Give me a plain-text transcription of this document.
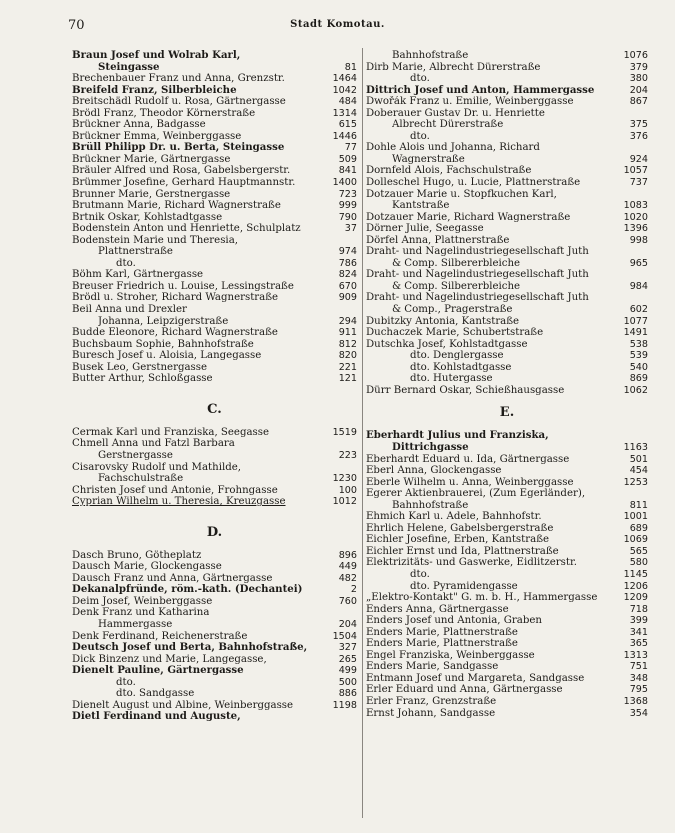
70	Stadt Komotau.
Braun Josef und Wolrab Karl,
Steingasse	81
Brechenbauer Franz und Anna, Grenzstr.	1464
Breifeld Franz, Silberbleiche	1042
Breitschädl Rudolf u. Rosa, Gärtnergasse	484
Brödl Franz, Theodor Körnerstraße	1314
Brückner Anna, Badgasse	615
Brückner Emma, Weinberggasse	1446
Brüll Philipp Dr. u. Berta, Steingasse	77
Brückner Marie, Gärtnergasse	509
Bräuler Alfred und Rosa, Gabelsbergerstr.	841
Brümmer Josefine, Gerhard Hauptmannstr.	1400
Brunner Marie, Gerstnergasse	723
Brutmann Marie, Richard Wagnerstraße	999
Brtnik Oskar, Kohlstadtgasse	790
Bodenstein Anton und Henriette, Schulplatz	37
Bodenstein Marie und Theresia,
Plattnerstraße	974
dto.	786
Böhm Karl, Gärtnergasse	824
Breuser Friedrich u. Louise, Lessingstraße	670
Brödl u. Stroher, Richard Wagnerstraße	909
Beil Anna und Drexler
Johanna, Leipzigerstraße	294
Budde Eleonore, Richard Wagnerstraße	911
Buchsbaum Sophie, Bahnhofstraße	812
Buresch Josef u. Aloisia, Langegasse	820
Busek Leo, Gerstnergasse	221
Butter Arthur, Schloßgasse	121
C.
Cermak Karl und Franziska, Seegasse	1519
Chmell Anna und Fatzl Barbara
Gerstnergasse	223
Cisarovsky Rudolf und Mathilde,
Fachschulstraße	1230
Christen Josef und Antonie, Frohngasse	100
Cyprian Wilhelm u. Theresia, Kreuzgasse	1012
D.
Dasch Bruno, Götheplatz	896
Dausch Marie, Glockengasse	449
Dausch Franz und Anna, Gärtnergasse	482
Dekanalpfründe, röm.-kath. (Dechantei)	2
Deim Josef, Weinberggasse	760
Denk Franz und Katharina
Hammergasse	204
Denk Ferdinand, Reichenerstraße	1504
Deutsch Josef und Berta, Bahnhofstraße,	327
Dick Binzenz und Marie, Langegasse,	265
Dienelt Pauline, Gärtnergasse	499
dto.	500
dto. Sandgasse	886
Dienelt August und Albine, Weinberggasse	1198
Dietl Ferdinand und Auguste,
Bahnhofstraße	1076
Dirb Marie, Albrecht Dürerstraße	379
dto.	380
Dittrich Josef und Anton, Hammergasse	204
Dwořák Franz u. Emilie, Weinberggasse	867
Doberauer Gustav Dr. u. Henriette
Albrecht Dürerstraße	375
dto.	376
Dohle Alois und Johanna, Richard
Wagnerstraße	924
Dornfeld Alois, Fachschulstraße	1057
Dolleschel Hugo, u. Lucie, Plattnerstraße	737
Dotzauer Marie u. Stopfkuchen Karl,
Kantstraße	1083
Dotzauer Marie, Richard Wagnerstraße	1020
Dörner Julie, Seegasse	1396
Dörfel Anna, Plattnerstraße	998
Draht- und Nagelindustriegesellschaft Juth
& Comp. Silbererbleiche	965
Draht- und Nagelindustriegesellschaft Juth
& Comp. Silbererbleiche	984
Draht- und Nagelindustriegesellschaft Juth
& Comp., Pragerstraße	602
Dubitzky Antonia, Kantstraße	1077
Duchaczek Marie, Schubertstraße	1491
Dutschka Josef, Kohlstadtgasse	538
dto. Denglergasse	539
dto. Kohlstadtgasse	540
dto. Hutergasse	869
Dürr Bernard Oskar, Schießhausgasse	1062
E.
Eberhardt Julius und Franziska,
Dittrichgasse	1163
Eberhardt Eduard u. Ida, Gärtnergasse	501
Eberl Anna, Glockengasse	454
Eberle Wilhelm u. Anna, Weinberggasse	1253
Egerer Aktienbrauerei, (Zum Egerländer),
Bahnhofstraße	811
Ehmich Karl u. Adele, Bahnhofstr.	1001
Ehrlich Helene, Gabelsbergerstraße	689
Eichler Josefine, Erben, Kantstraße	1069
Eichler Ernst und Ida, Plattnerstraße	565
Elektrizitäts- und Gaswerke, Eidlitzerstr.	580
dto.	1145
dto. Pyramidengasse	1206
„Elektro-Kontakt" G. m. b. H., Hammergasse	1209
Enders Anna, Gärtnergasse	718
Enders Josef und Antonia, Graben	399
Enders Marie, Plattnerstraße	341
Enders Marie, Plattnerstraße	365
Engel Franziska, Weinberggasse	1313
Enders Marie, Sandgasse	751
Entmann Josef und Margareta, Sandgasse	348
Erler Eduard und Anna, Gärtnergasse	795
Erler Franz, Grenzstraße	1368
Ernst Johann, Sandgasse	354
